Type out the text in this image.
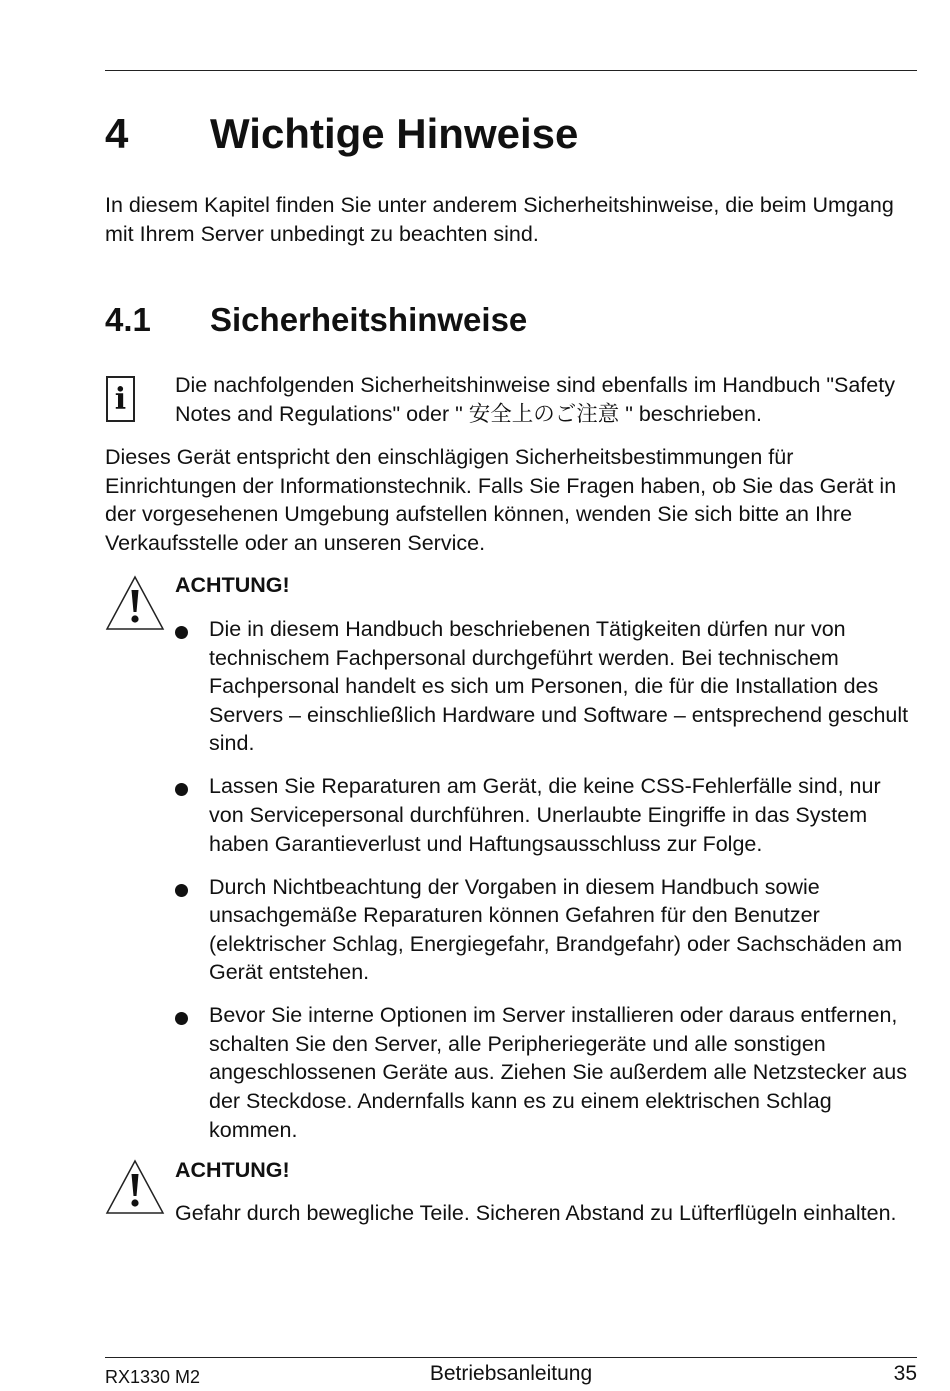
4 Wichtige Hinweise

In diesem Kapitel finden Sie unter anderem Sicherheitshinweise, die beim Umgang mit Ihrem Server unbedingt zu beachten sind.

4.1 Sicherheitshinweise
i	Die nachfolgenden Sicherheitshinweise sind ebenfalls im Handbuch "Safety Notes and Regulations" oder " 安全上のご注意 " beschrieben.

Dieses Gerät entspricht den einschlägigen Sicherheitsbestimmungen für Einrichtungen der Informationstechnik. Falls Sie Fragen haben, ob Sie das Gerät in der vorgesehenen Umgebung aufstellen können, wenden Sie sich bitte an Ihre Verkaufsstelle oder an unseren Service.

ACHTUNG!
Die in diesem Handbuch beschriebenen Tätigkeiten dürfen nur von technischem Fachpersonal durchgeführt werden. Bei technischem Fachpersonal handelt es sich um Personen, die für die Installation des Servers – einschließlich Hardware und Software – entsprechend geschult sind.
Lassen Sie Reparaturen am Gerät, die keine CSS-Fehlerfälle sind, nur von Servicepersonal durchführen. Unerlaubte Eingriffe in das System haben Garantieverlust und Haftungsausschluss zur Folge.
Durch Nichtbeachtung der Vorgaben in diesem Handbuch sowie unsachgemäße Reparaturen können Gefahren für den Benutzer (elektrischer Schlag, Energiegefahr, Brandgefahr) oder Sachschäden am Gerät entstehen.
Bevor Sie interne Optionen im Server installieren oder daraus entfernen, schalten Sie den Server, alle Peripheriegeräte und alle sonstigen angeschlossenen Geräte aus. Ziehen Sie außerdem alle Netzstecker aus der Steckdose. Andernfalls kann es zu einem elektrischen Schlag kommen.
ACHTUNG!

Gefahr durch bewegliche Teile. Sicheren Abstand zu Lüfterflügeln einhalten.

RX1330 M2	Betriebsanleitung	35
